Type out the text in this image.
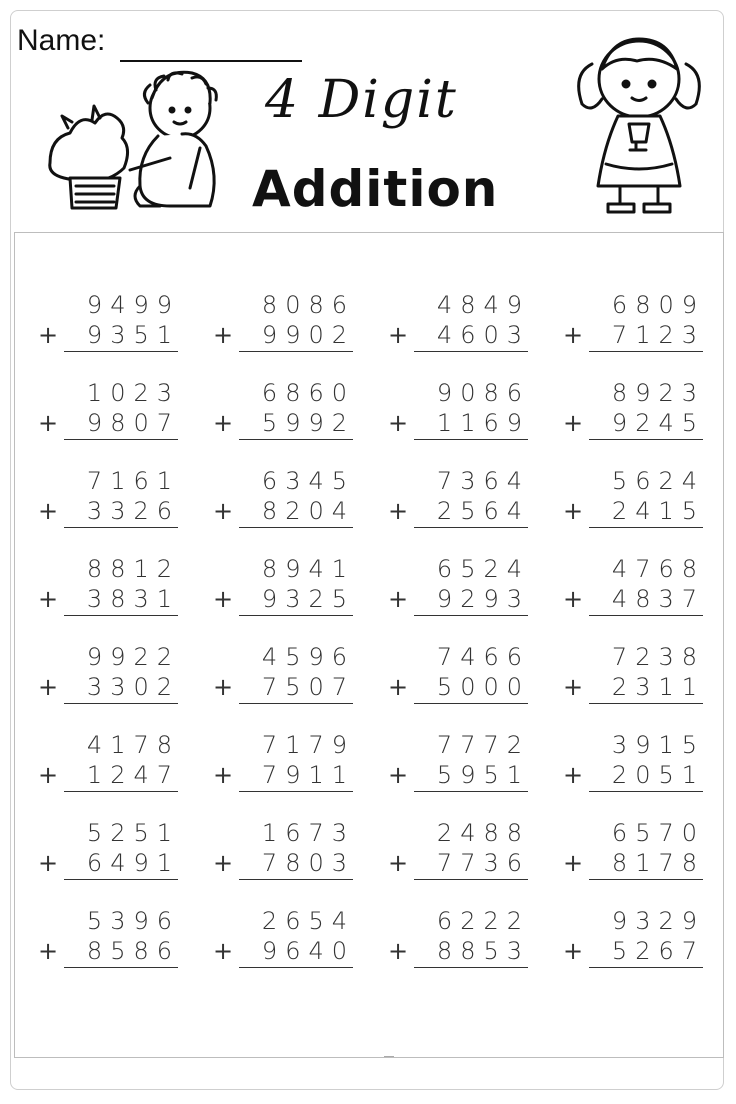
Name:
4 Digit
Addition
9499
+ 9351
8086
+ 9902
4849
+ 4603
6809
+ 7123
1023
+ 9807
6860
+ 5992
9086
+ 1169
8923
+ 9245
7161
+ 3326
6345
+ 8204
7364
+ 2564
5624
+ 2415
8812
+ 3831
8941
+ 9325
6524
+ 9293
4768
+ 4837
9922
+ 3302
4596
+ 7507
7466
+ 5000
7238
+ 2311
4178
+ 1247
7179
+ 7911
7772
+ 5951
3915
+ 2051
5251
+ 6491
1673
+ 7803
2488
+ 7736
6570
+ 8178
5396
+ 8586
2654
+ 9640
6222
+ 8853
9329
+ 5267
